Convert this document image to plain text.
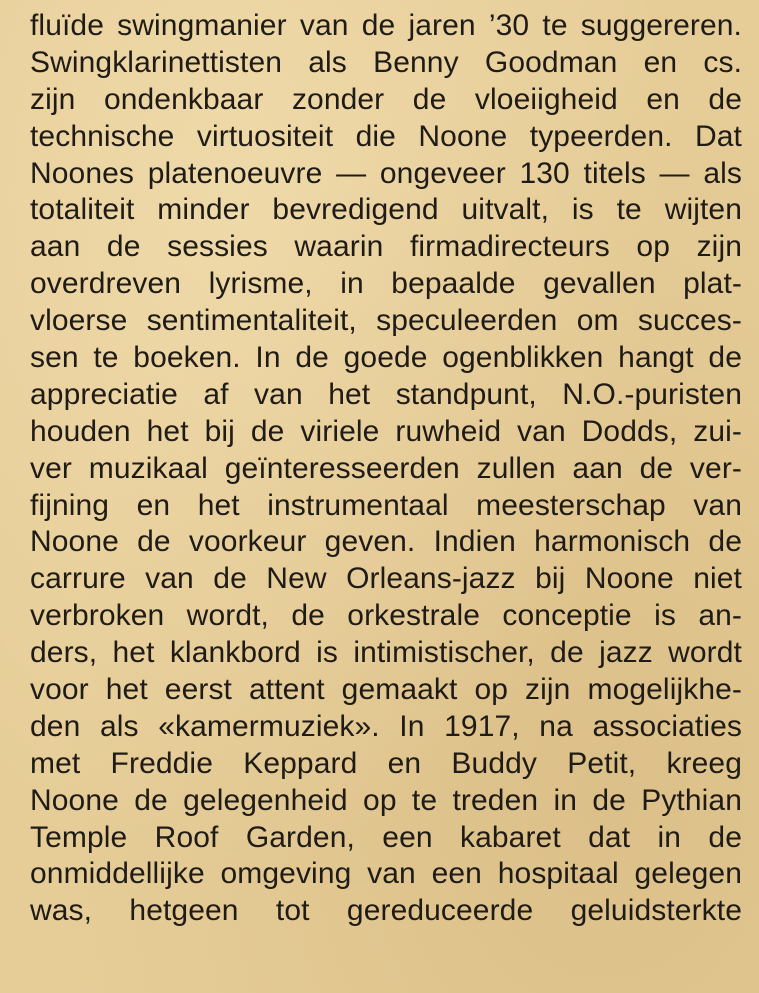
fluïde swingmanier van de jaren ’30 te suggereren.
Swingklarinettisten als Benny Goodman en cs.
zijn ondenkbaar zonder de vloeiigheid en de
technische virtuositeit die Noone typeerden. Dat
Noones platenoeuvre — ongeveer 130 titels — als
totaliteit minder bevredigend uitvalt, is te wijten
aan de sessies waarin firmadirecteurs op zijn
overdreven lyrisme, in bepaalde gevallen plat-
vloerse sentimentaliteit, speculeerden om succes-
sen te boeken. In de goede ogenblikken hangt de
appreciatie af van het standpunt, N.O.-puristen
houden het bij de viriele ruwheid van Dodds, zui-
ver muzikaal geïnteresseerden zullen aan de ver-
fijning en het instrumentaal meesterschap van
Noone de voorkeur geven. Indien harmonisch de
carrure van de New Orleans-jazz bij Noone niet
verbroken wordt, de orkestrale conceptie is an-
ders, het klankbord is intimistischer, de jazz wordt
voor het eerst attent gemaakt op zijn mogelijkhe-
den als «kamermuziek». In 1917, na associaties
met Freddie Keppard en Buddy Petit, kreeg
Noone de gelegenheid op te treden in de Pythian
Temple Roof Garden, een kabaret dat in de
onmiddellijke omgeving van een hospitaal gelegen
was, hetgeen tot gereduceerde geluidsterkte
